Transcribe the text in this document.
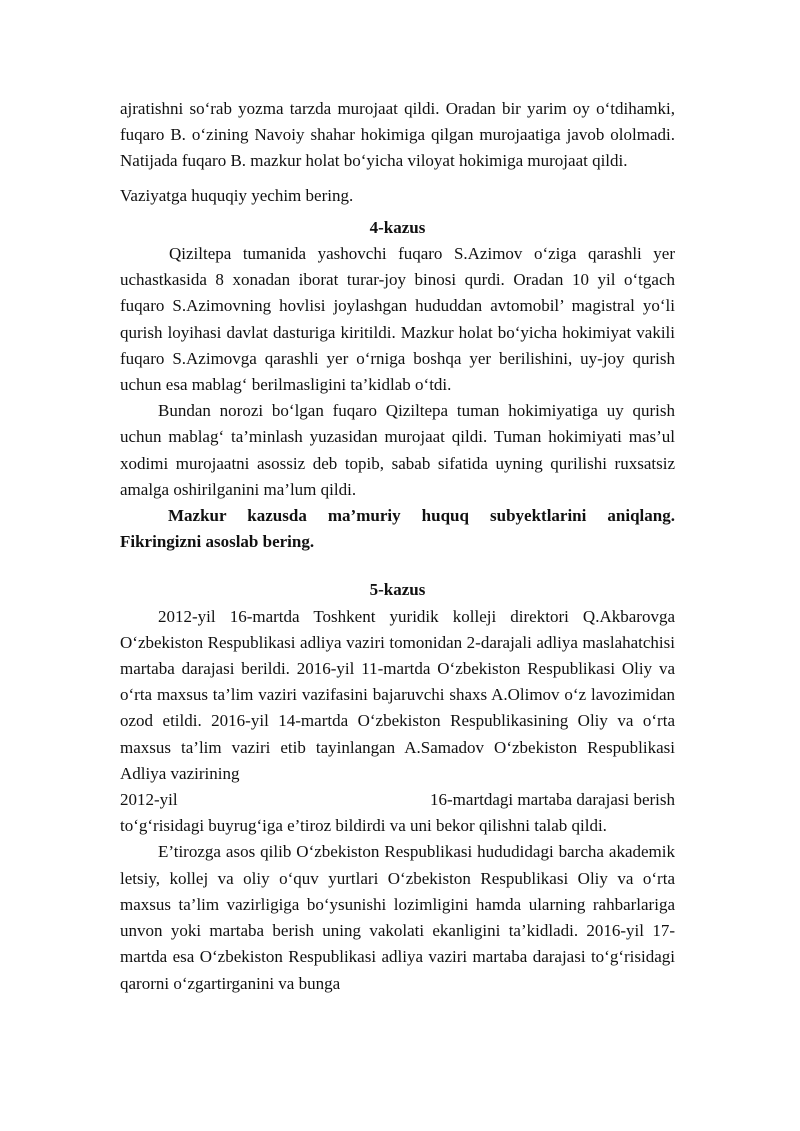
ajratishni so‘rab yozma tarzda murojaat qildi. Oradan bir yarim oy o‘tdihamki, fuqaro B. o‘zining Navoiy shahar hokimiga qilgan murojaatiga javob ololmadi. Natijada fuqaro B. mazkur holat bo‘yicha viloyat hokimiga murojaat qildi.

Vaziyatga huquqiy yechim bering.

4-kazus

Qiziltepa tumanida yashovchi fuqaro S.Azimov o‘ziga qarashli yer uchastkasida 8 xonadan iborat turar-joy binosi qurdi. Oradan 10 yil o‘tgach fuqaro S.Azimovning hovlisi joylashgan hududdan avtomobil’ magistral yo‘li qurish loyihasi davlat dasturiga kiritildi. Mazkur holat bo‘yicha hokimiyat vakili fuqaro S.Azimovga qarashli yer o‘rniga boshqa yer berilishini, uy-joy qurish uchun esa mablag‘ berilmasligini ta’kidlab o‘tdi.

Bundan norozi bo‘lgan fuqaro Qiziltepa tuman hokimiyatiga uy qurish uchun mablag‘ ta’minlash yuzasidan murojaat qildi. Tuman hokimiyati mas’ul xodimi murojaatni asossiz deb topib, sabab sifatida uyning qurilishi ruxsatsiz amalga oshirilganini ma’lum qildi.

Mazkur kazusda ma’muriy huquq subyektlarini aniqlang. Fikringizni asoslab bering.

5-kazus

2012-yil 16-martda Toshkent yuridik kolleji direktori Q.Akbarovga O‘zbekiston Respublikasi adliya vaziri tomonidan 2-darajali adliya maslahatchisi martaba darajasi berildi. 2016-yil 11-martda O‘zbekiston Respublikasi Oliy va o‘rta maxsus ta’lim vaziri vazifasini bajaruvchi shaxs A.Olimov o‘z lavozimidan ozod etildi. 2016-yil 14-martda O‘zbekiston Respublikasining Oliy va o‘rta maxsus ta’lim vaziri etib tayinlangan A.Samadov O‘zbekiston Respublikasi Adliya vazirining

2012-yil	16-martdagi martaba darajasi berish

to‘g‘risidagi buyrug‘iga e’tiroz bildirdi va uni bekor qilishni talab qildi.

E’tirozga asos qilib O‘zbekiston Respublikasi hududidagi barcha akademik letsiy, kollej va oliy o‘quv yurtlari O‘zbekiston Respublikasi Oliy va o‘rta maxsus ta’lim vazirligiga bo‘ysunishi lozimligini hamda ularning rahbarlariga unvon yoki martaba berish uning vakolati ekanligini ta’kidladi. 2016-yil 17-martda esa O‘zbekiston Respublikasi adliya vaziri martaba darajasi to‘g‘risidagi qarorni o‘zgartirganini va bunga
